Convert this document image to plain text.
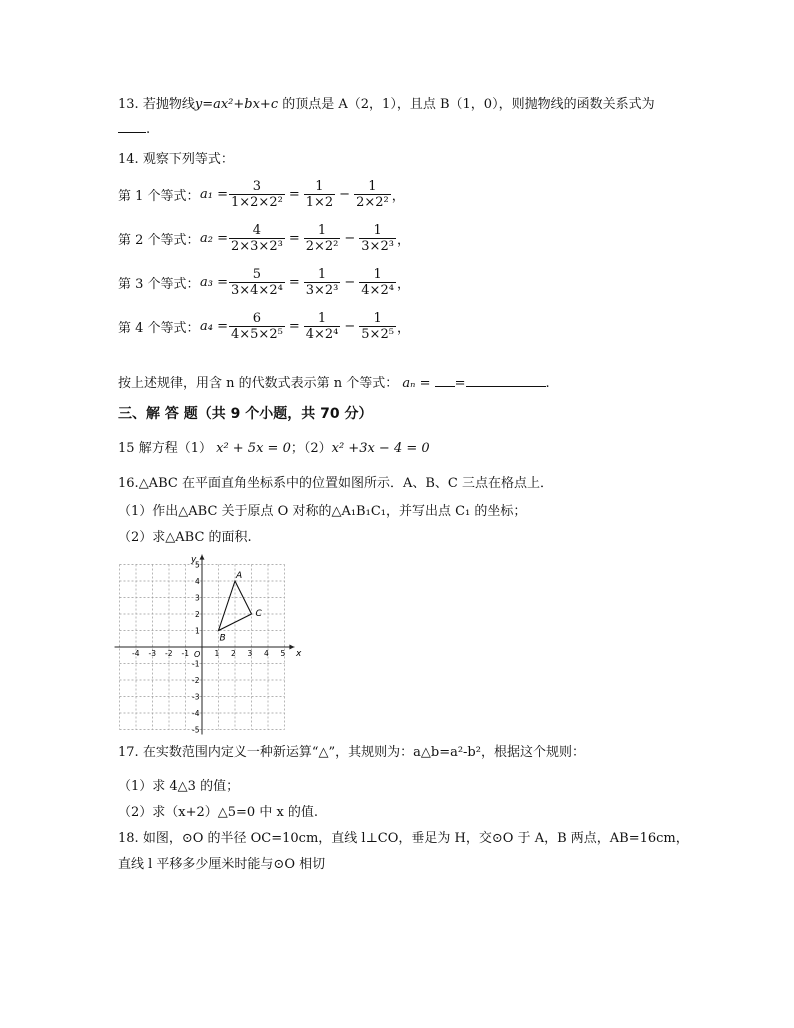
13. 若抛物线y=ax²+bx+c 的顶点是 A（2，1），且点 B（1，0），则抛物线的函数关系式为
.
14. 观察下列等式：
第 1 个等式： $a_1 = \frac{3}{\text{1×2×2²}} = \frac{1}{1\times 2} - \frac{1}{\text{2×2²}}$ ，
第 2 个等式： $a_2 = \frac{4}{\text{2×3×2³}} = \frac{1}{\text{2×2²}} - \frac{1}{\text{3×2³}}$ ，
第 3 个等式： $a_3 = \frac{5}{\text{3×4×2⁴}} = \frac{1}{\text{3×2³}} - \frac{1}{\text{4×2⁴}}$ ，
第 4 个等式： $a_4 = \frac{6}{\text{4×5×2⁵}} = \frac{1}{\text{4×2⁴}} - \frac{1}{\text{5×2⁵}}$ ，
按上述规律，用含 n 的代数式表示第 n 个等式： aₙ = =	.
三、解 答 题（共 9 个小题，共 70 分）
15 解方程（1） x² + 5x = 0；（2）x² +3x − 4 = 0
16.△ABC 在平面直角坐标系中的位置如图所示．A、B、C 三点在格点上．
（1）作出△ABC 关于原点 O 对称的△A₁B₁C₁，并写出点 C₁ 的坐标；
（2）求△ABC 的面积.
x
y
O
-4 -3 -2 -1	1 2 3 4 5
5
4
3
2
1
-1
-2
-3
-4
-5
A
B
C
17. 在实数范围内定义一种新运算“△”，其规则为：a△b=a²-b²，根据这个规则：
（1）求 4△3 的值；
（2）求（x+2）△5=0 中 x 的值.
18. 如图，⊙O 的半径 OC=10cm，直线 l⊥CO，垂足为 H，交⊙O 于 A，B 两点，AB=16cm，
直线 l 平移多少厘米时能与⊙O 相切
